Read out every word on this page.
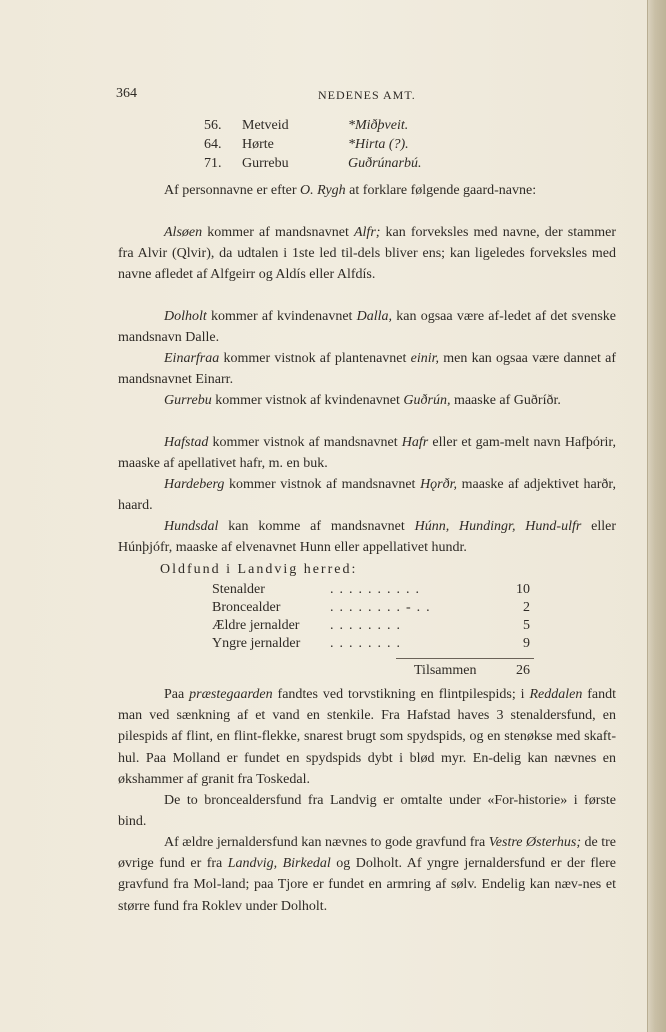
364	NEDENES AMT.
56. Metveid	*Miðþveit.
64. Hørte	*Hirta (?).
71. Gurrebu	Guðrúnarbú.

Af personnavne er efter O. Rygh at forklare følgende gaard-navne:

Alsøen kommer af mandsnavnet Alfr; kan forveksles med navne, der stammer fra Alvir (Qlvir), da udtalen i 1ste led til-dels bliver ens; kan ligeledes forveksles med navne afledet af Alfgeirr og Aldís eller Alfdís.

Dolholt kommer af kvindenavnet Dalla, kan ogsaa være af-ledet af det svenske mandsnavn Dalle.

Einarfraa kommer vistnok af plantenavnet einir, men kan ogsaa være dannet af mandsnavnet Einarr.

Gurrebu kommer vistnok af kvindenavnet Guðrún, maaske af Guðríðr.

Hafstad kommer vistnok af mandsnavnet Hafr eller et gam-melt navn Hafþórir, maaske af apellativet hafr, m. en buk.

Hardeberg kommer vistnok af mandsnavnet Hǫrðr, maaske af adjektivet harðr, haard.

Hundsdal kan komme af mandsnavnet Húnn, Hundingr, Hund-ulfr eller Húnþjófr, maaske af elvenavnet Hunn eller appellativet hundr.

Oldfund i Landvig herred:
Stenalder	..........	10
Broncealder	........-..	2
Ældre jernalder ........	5
Yngre jernalder ........	9
Tilsammen	26

Paa præstegaarden fandtes ved torvstikning en flintpilespids; i Reddalen fandt man ved sænkning af et vand en stenkile. Fra Hafstad haves 3 stenaldersfund, en pilespids af flint, en flint-flekke, snarest brugt som spydspids, og en stenøkse med skaft-hul. Paa Molland er fundet en spydspids dybt i blød myr. En-delig kan nævnes en økshammer af granit fra Toskedal.

De to broncealdersfund fra Landvig er omtalte under «For-historie» i første bind.

Af ældre jernaldersfund kan nævnes to gode gravfund fra Vestre Østerhus; de tre øvrige fund er fra Landvig, Birkedal og Dolholt. Af yngre jernaldersfund er der flere gravfund fra Mol-land; paa Tjore er fundet en armring af sølv. Endelig kan næv-nes et større fund fra Roklev under Dolholt.
